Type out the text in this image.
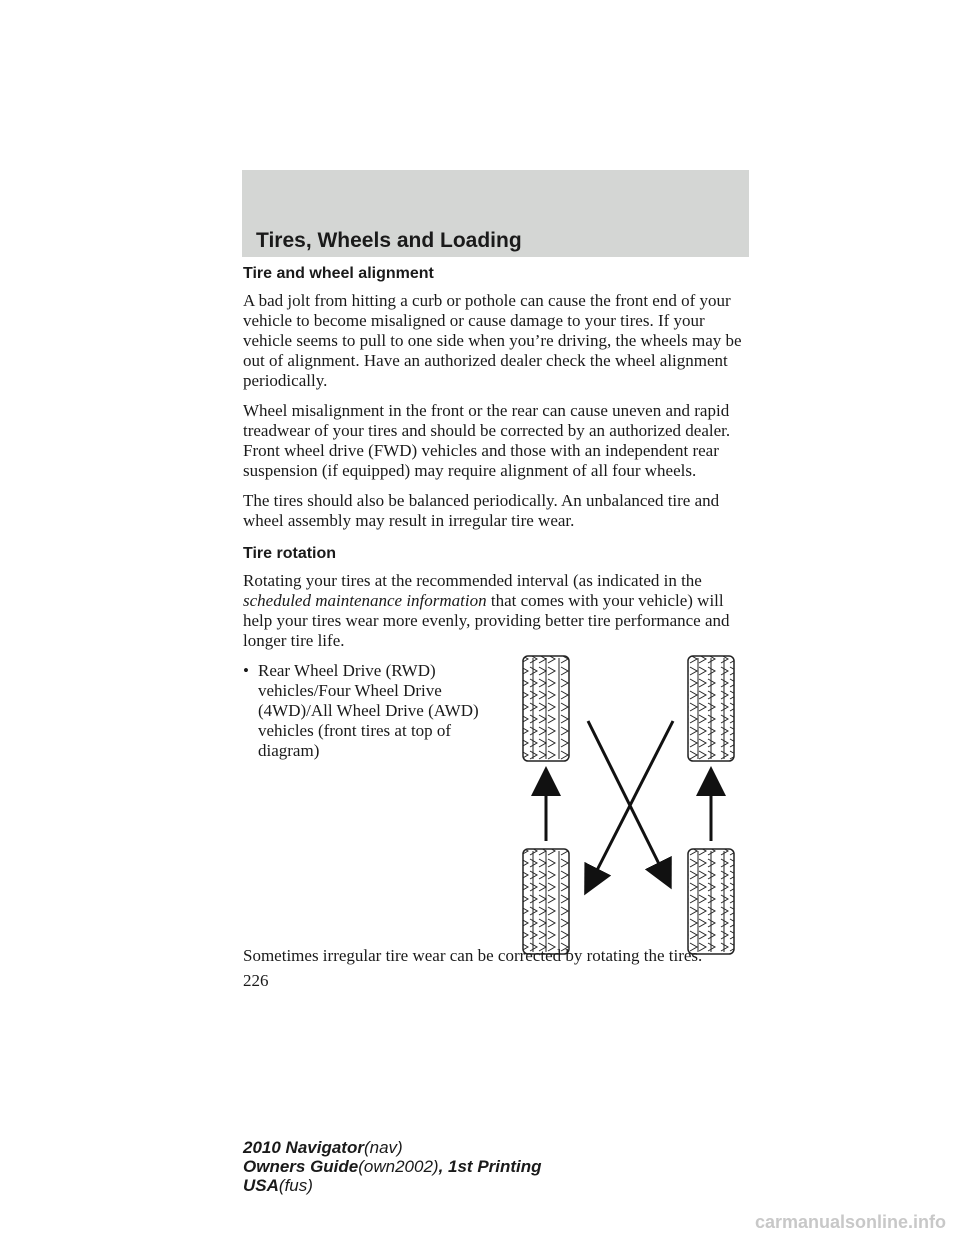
Tires, Wheels and Loading
Tire and wheel alignment

A bad jolt from hitting a curb or pothole can cause the front end of your vehicle to become misaligned or cause damage to your tires. If your vehicle seems to pull to one side when you’re driving, the wheels may be out of alignment. Have an authorized dealer check the wheel alignment periodically.

Wheel misalignment in the front or the rear can cause uneven and rapid treadwear of your tires and should be corrected by an authorized dealer. Front wheel drive (FWD) vehicles and those with an independent rear suspension (if equipped) may require alignment of all four wheels.

The tires should also be balanced periodically. An unbalanced tire and wheel assembly may result in irregular tire wear.

Tire rotation

Rotating your tires at the recommended interval (as indicated in the scheduled maintenance information that comes with your vehicle) will help your tires wear more evenly, providing better tire performance and longer tire life.

• Rear Wheel Drive (RWD) vehicles/Four Wheel Drive (4WD)/All Wheel Drive (AWD) vehicles (front tires at top of diagram)

Sometimes irregular tire wear can be corrected by rotating the tires.

226

2010 Navigator(nav)
Owners Guide(own2002), 1st Printing
USA(fus)
carmanualsonline.info
